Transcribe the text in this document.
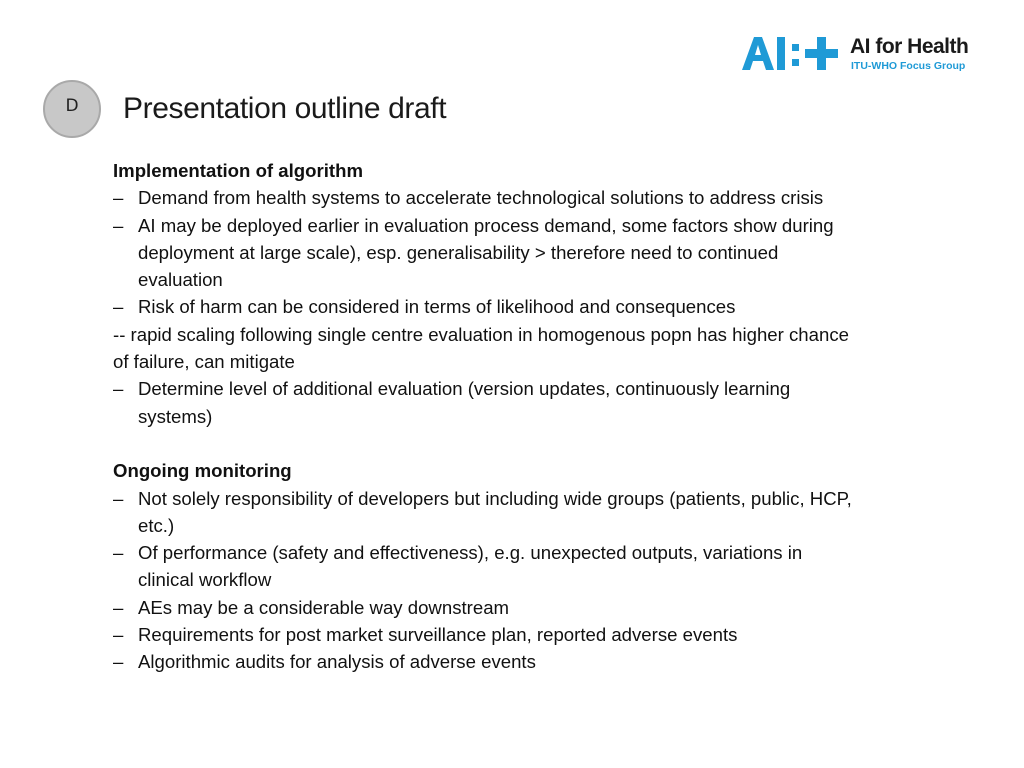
D Presentation outline draft
AI for Health
ITU-WHO Focus Group
Implementation of algorithm
– Demand from health systems to accelerate technological solutions to address crisis
– AI may be deployed earlier in evaluation process demand, some factors show during deployment at large scale), esp. generalisability > therefore need to continued evaluation
– Risk of harm can be considered in terms of likelihood and consequences
-- rapid scaling following single centre evaluation in homogenous popn has higher chance of failure, can mitigate
– Determine level of additional evaluation (version updates, continuously learning systems)
Ongoing monitoring
– Not solely responsibility of developers but including wide groups (patients, public, HCP, etc.)
– Of performance (safety and effectiveness), e.g. unexpected outputs, variations in clinical workflow
– AEs may be a considerable way downstream
– Requirements for post market surveillance plan, reported adverse events
– Algorithmic audits for analysis of adverse events
